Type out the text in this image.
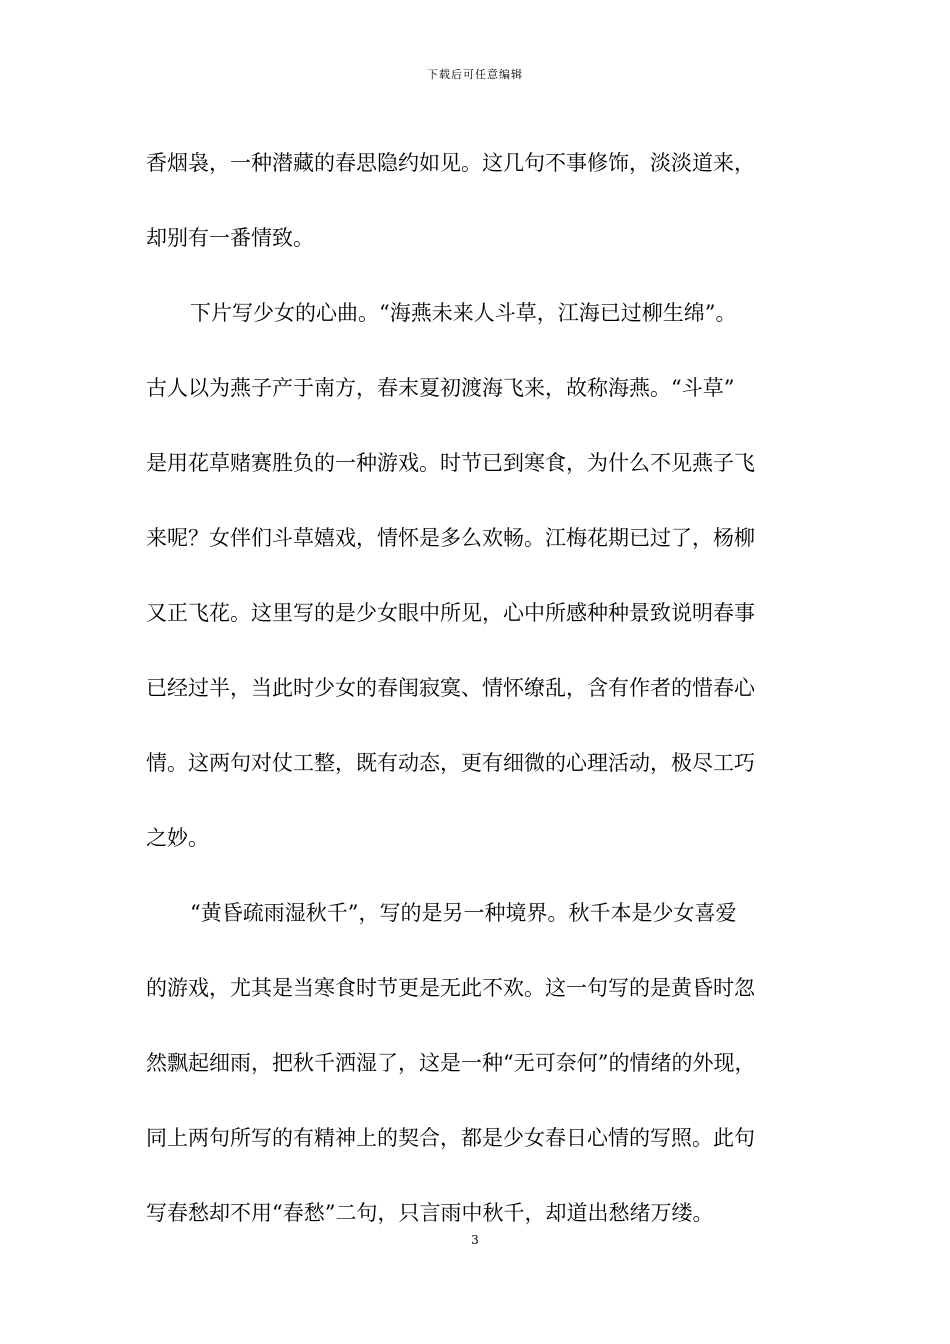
下载后可任意编辑
香烟袅，一种潜藏的春思隐约如见。这几句不事修饰，淡淡道来，
却别有一番情致。
下片写少女的心曲。“海燕未来人斗草，江海已过柳生绵”。
古人以为燕子产于南方，春末夏初渡海飞来，故称海燕。“斗草”
是用花草赌赛胜负的一种游戏。时节已到寒食，为什么不见燕子飞
来呢？女伴们斗草嬉戏，情怀是多么欢畅。江梅花期已过了，杨柳
又正飞花。这里写的是少女眼中所见，心中所感种种景致说明春事
已经过半，当此时少女的春闺寂寞、情怀缭乱，含有作者的惜春心
情。这两句对仗工整，既有动态，更有细微的心理活动，极尽工巧
之妙。
“黄昏疏雨湿秋千”，写的是另一种境界。秋千本是少女喜爱
的游戏，尤其是当寒食时节更是无此不欢。这一句写的是黄昏时忽
然飘起细雨，把秋千洒湿了，这是一种“无可奈何”的情绪的外现，
同上两句所写的有精神上的契合，都是少女春日心情的写照。此句
写春愁却不用“春愁”二句，只言雨中秋千，却道出愁绪万缕。
3
